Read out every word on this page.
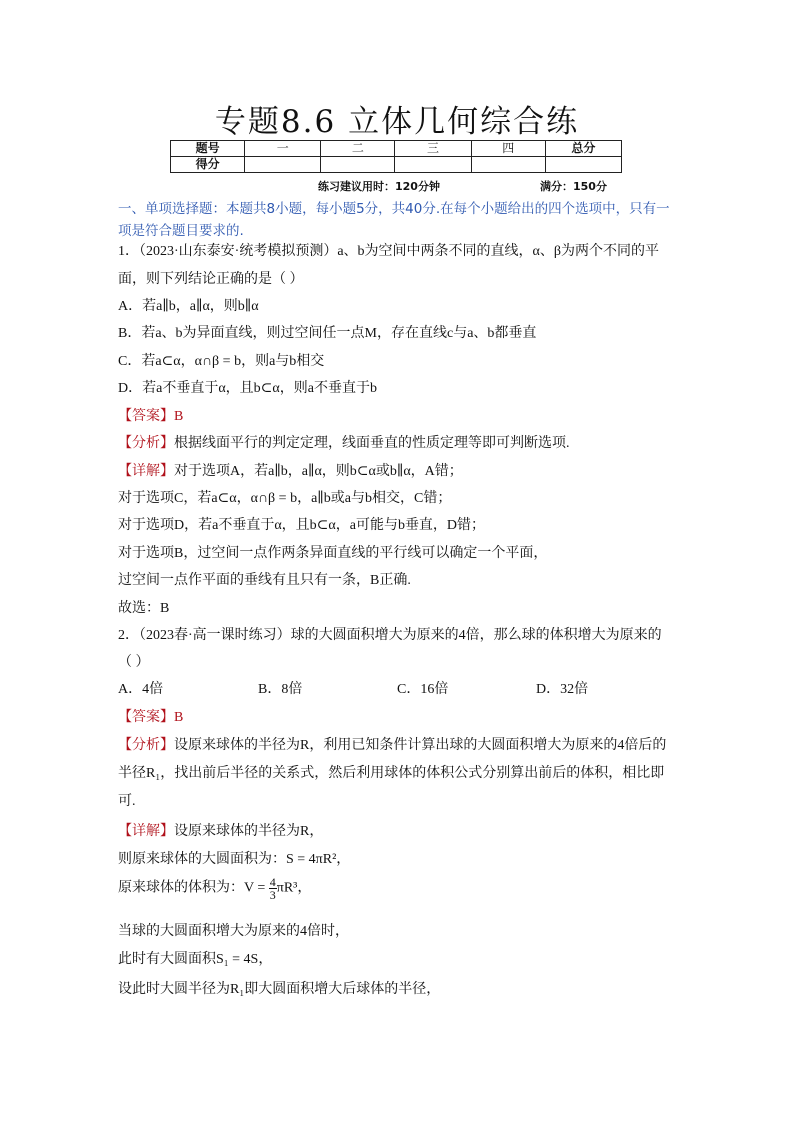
专题8.6 立体几何综合练
题号	一	二	三	四	总分
得分					
练习建议用时：120分钟	满分：150分
一、单项选择题：本题共8小题，每小题5分，共40分.在每个小题给出的四个选项中，只有一项是符合题目要求的.
1．（2023·山东泰安·统考模拟预测）a、b为空间中两条不同的直线，α、β为两个不同的平
面，则下列结论正确的是（ ）
A．若a∥b，a∥α，则b∥α
B．若a、b为异面直线，则过空间任一点M，存在直线c与a、b都垂直
C．若a⊂α，α∩β = b，则a与b相交
D．若a不垂直于α，且b⊂α，则a不垂直于b
【答案】B
【分析】根据线面平行的判定定理，线面垂直的性质定理等即可判断选项.
【详解】对于选项A，若a∥b，a∥α，则b⊂α或b∥α，A错；
对于选项C，若a⊂α，α∩β = b，a∥b或a与b相交，C错；
对于选项D，若a不垂直于α，且b⊂α，a可能与b垂直，D错；
对于选项B，过空间一点作两条异面直线的平行线可以确定一个平面，
过空间一点作平面的垂线有且只有一条，B正确.
故选：B
2．（2023春·高一课时练习）球的大圆面积增大为原来的4倍，那么球的体积增大为原来的
（ ）
A．4倍	B．8倍	C．16倍	D．32倍
【答案】B
【分析】设原来球体的半径为R，利用已知条件计算出球的大圆面积增大为原来的4倍后的
半径R₁，找出前后半径的关系式，然后利用球体的体积公式分别算出前后的体积，相比即
可.
【详解】设原来球体的半径为R，
则原来球体的大圆面积为：S = 4πR²，
原来球体的体积为：$V = \frac{4}{3} \pi R^3$，
当球的大圆面积增大为原来的4倍时，
此时有大圆面积S₁ = 4S，
设此时大圆半径为R₁即大圆面积增大后球体的半径，
